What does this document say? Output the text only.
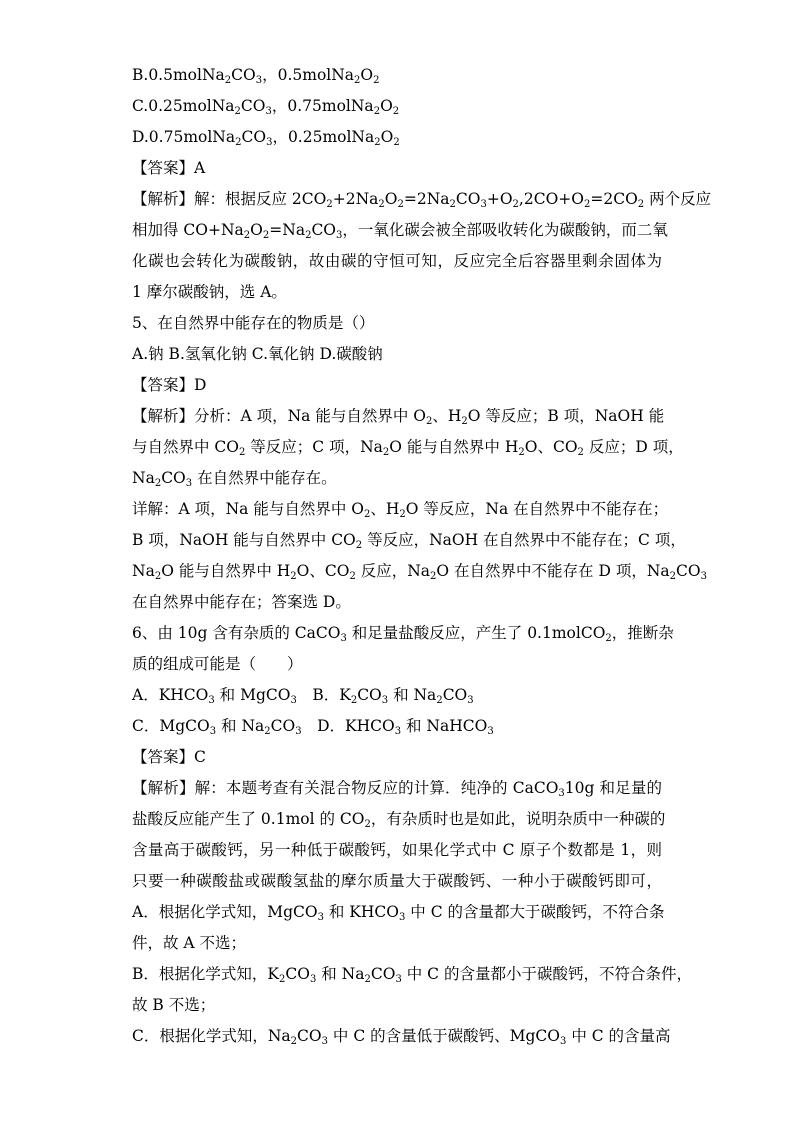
$B.0.5molNa_2CO_3$，$0.5molNa_2O_2$
$C.0.25molNa_2CO_3$，$0.75molNa_2O_2$
$D.0.75molNa_2CO_3$，$0.25molNa_2O_2$
【答案】A
【解析】解：根据反应 $2CO_2+2Na_2O_2=2Na_2CO_3+O_2,2CO+O_2=2CO_2$ 两个反应
相加得 $CO+Na_2O_2=Na_2CO_3$，一氧化碳会被全部吸收转化为碳酸钠，而二氧
化碳也会转化为碳酸钠，故由碳的守恒可知，反应完全后容器里剩余固体为
1 摩尔碳酸钠，选 A。
5、在自然界中能存在的物质是（）
A.钠 B.氢氧化钠 C.氧化钠 D.碳酸钠
【答案】D
【解析】分析：A 项，Na 能与自然界中 $O_2$、$H_2O$ 等反应；B 项，NaOH 能
与自然界中 $CO_2$ 等反应；C 项，$Na_2O$ 能与自然界中 $H_2O$、$CO_2$ 反应；D 项，
$Na_2CO_3$ 在自然界中能存在。
详解：A 项，Na 能与自然界中 $O_2$、$H_2O$ 等反应，Na 在自然界中不能存在；
B 项，NaOH 能与自然界中 $CO_2$ 等反应，NaOH 在自然界中不能存在；C 项，
$Na_2O$ 能与自然界中 $H_2O$、$CO_2$ 反应，$Na_2O$ 在自然界中不能存在 D 项，$Na_2CO_3$
在自然界中能存在；答案选 D。
6、由 10g 含有杂质的 CaCO$_3$ 和足量盐酸反应，产生了 0.1molCO$_2$，推断杂
质的组成可能是（　　）
A．$KHCO_3$ 和 MgCO$_3$　B．$K_2CO_3$ 和 $Na_2CO_3$
C．MgCO$_3$ 和 $Na_2CO_3$　D．$KHCO_3$ 和 NaHCO$_3$
【答案】C
【解析】解：本题考查有关混合物反应的计算．纯净的 CaCO$_3$10g 和足量的
盐酸反应能产生了 0.1mol 的 $CO_2$，有杂质时也是如此，说明杂质中一种碳的
含量高于碳酸钙，另一种低于碳酸钙，如果化学式中 C 原子个数都是 1，则
只要一种碳酸盐或碳酸氢盐的摩尔质量大于碳酸钙、一种小于碳酸钙即可，
A．根据化学式知，MgCO$_3$ 和 $KHCO_3$ 中 C 的含量都大于碳酸钙，不符合条
件，故 A 不选；
B．根据化学式知，$K_2CO_3$ 和 $Na_2CO_3$ 中 C 的含量都小于碳酸钙，不符合条件，
故 B 不选；
C．根据化学式知，$Na_2CO_3$ 中 C 的含量低于碳酸钙、MgCO$_3$ 中 C 的含量高
